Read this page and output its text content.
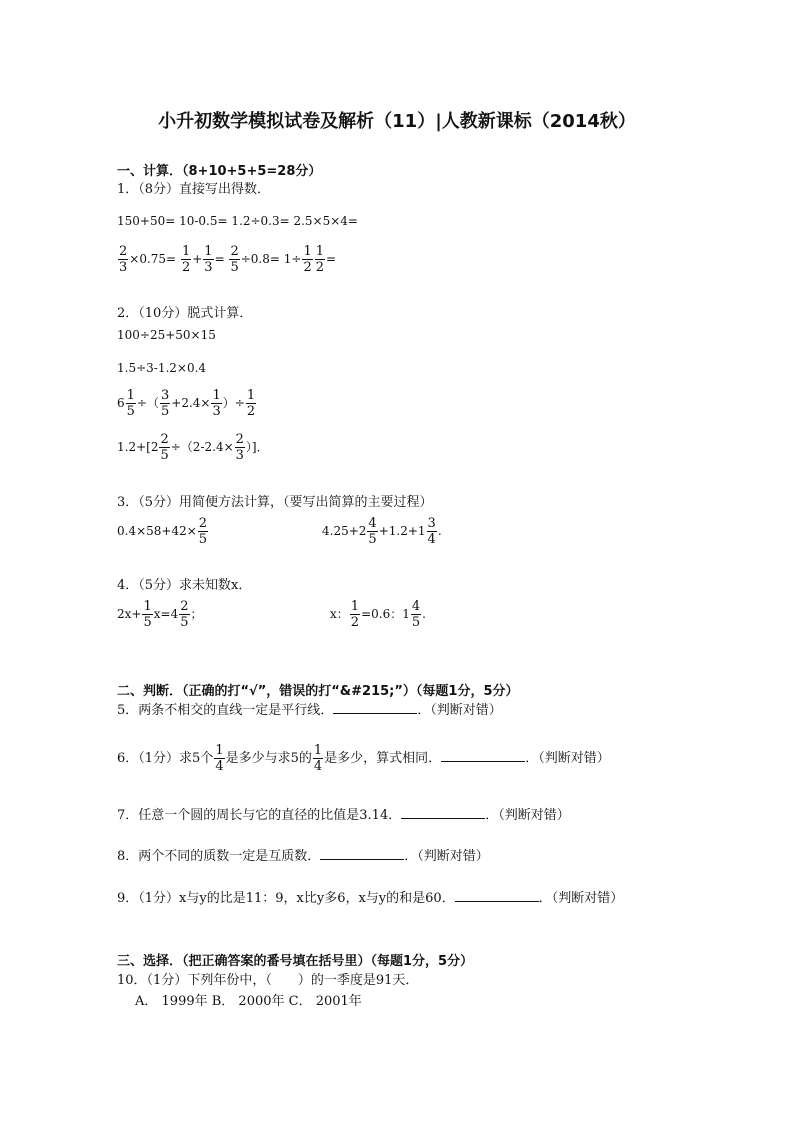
小升初数学模拟试卷及解析（11）|人教新课标（2014秋）
一、计算．（8+10+5+5=28分）
1．（8分）直接写出得数．
150+50= 10-0.5= 1.2÷0.3= 2.5×5×4=
$\frac{2}{3} \times 0.75= \frac{1}{2} + \frac{1}{3} = \frac{2}{5} \div 0.8= 1\div \frac{1}{2} \frac{1}{2}$ =
2．（10分）脱式计算．
100÷25+50×15
1.5÷3-1.2×0.4
$6 \frac{1}{5}$ ÷（ $\frac{3}{5} +2.4\times \frac{1}{3}$ ）÷ $\frac{1}{2}$
$1.2+[2 \frac{2}{5} \div(2-2.4\times \frac{2}{3}$ ）]．
3．（5分）用简便方法计算，（要写出简算的主要过程）
$0.4\times 58+42\times \frac{2}{5}$	$4.25+2 \frac{4}{5} +1.2+1 \frac{3}{4}$ .
4．（5分）求未知数x．
$2x+ \frac{1}{5} x=4 \frac{2}{5}$ ；	x： $\frac{1}{2} =0.6$：$1 \frac{4}{5}$ .
二、判断．（正确的打“√”，错误的打“&#215;”）（每题1分，5分）
5．两条不相交的直线一定是平行线．	．（判断对错）
6．（1分）求5个 $\frac{1}{4}$ 是多少与求5的 $\frac{1}{4}$ 是多少，算式相同．	．（判断对错）
7．任意一个圆的周长与它的直径的比值是3.14．	．（判断对错）
8．两个不同的质数一定是互质数．	．（判断对错）
9．（1分）x与y的比是11：9，x比y多6，x与y的和是60．	．（判断对错）
三、选择．（把正确答案的番号填在括号里）（每题1分，5分）
10．（1分）下列年份中，（　　）的一季度是91天．
A． 1999年 B． 2000年 C． 2001年
